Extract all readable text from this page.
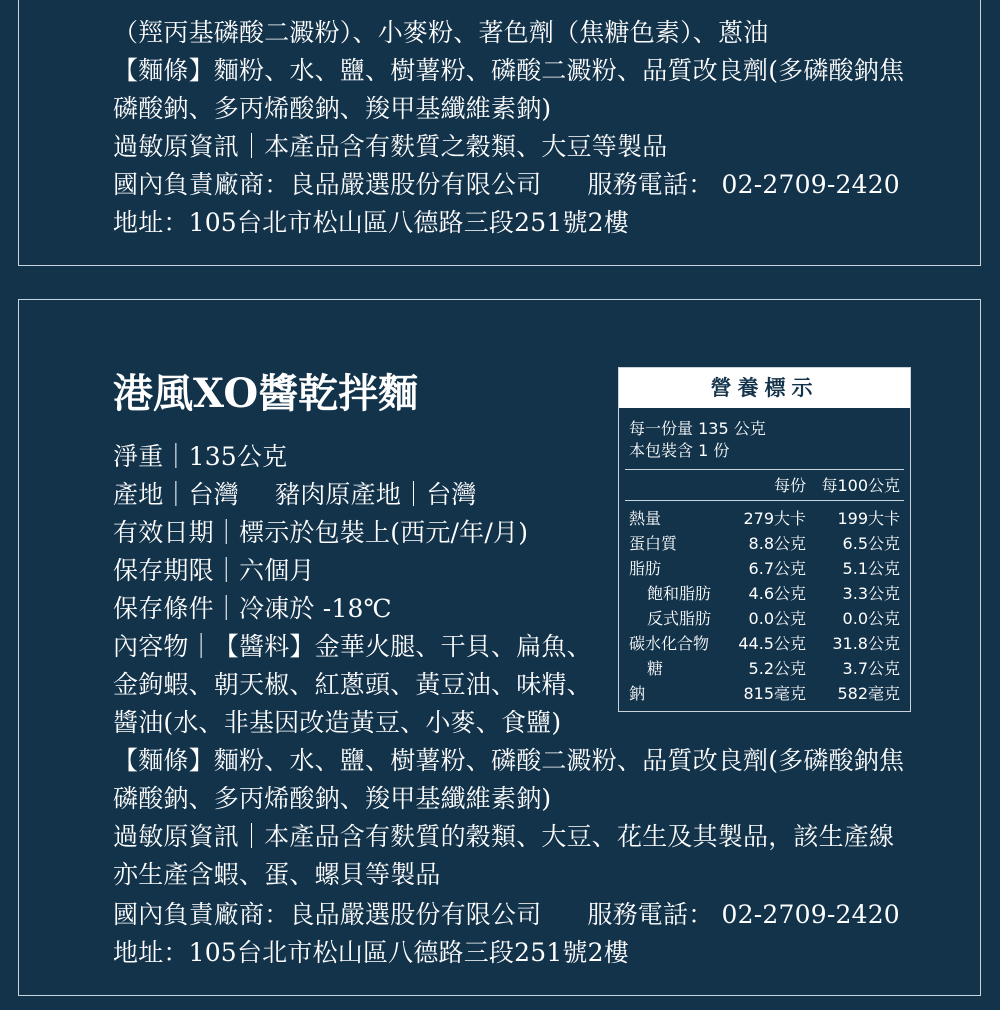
（羥丙基磷酸二澱粉）、小麥粉、著色劑（焦糖色素）、蔥油
【麵條】麵粉、水、鹽、樹薯粉、磷酸二澱粉、品質改良劑(多磷酸鈉焦
磷酸鈉、多丙烯酸鈉、羧甲基纖維素鈉)
過敏原資訊｜本產品含有麩質之穀類、大豆等製品
國內負責廠商：良品嚴選股份有限公司 服務電話： 02-2709-2420
地址：105台北市松山區八德路三段251號2樓
港風XO醬乾拌麵
淨重｜135公克
產地｜台灣 豬肉原產地｜台灣
有效日期｜標示於包裝上(西元/年/月)
保存期限｜六個月
保存條件｜冷凍於 -18℃
內容物｜【醬料】金華火腿、干貝、扁魚、
金鉤蝦、朝天椒、紅蔥頭、黃豆油、味精、
醬油(水、非基因改造黃豆、小麥、食鹽)
【麵條】麵粉、水、鹽、樹薯粉、磷酸二澱粉、品質改良劑(多磷酸鈉焦
磷酸鈉、多丙烯酸鈉、羧甲基纖維素鈉)
過敏原資訊｜本產品含有麩質的穀類、大豆、花生及其製品，該生產線
亦生產含蝦、蛋、螺貝等製品
國內負責廠商：良品嚴選股份有限公司 服務電話： 02-2709-2420
地址：105台北市松山區八德路三段251號2樓
營養標示
每一份量 135 公克
本包裝含 1 份
每份 每100公克
熱量	279大卡 199大卡
蛋白質	8.8公克 6.5公克
脂肪	6.7公克 5.1公克
飽和脂肪 4.6公克 3.3公克
反式脂肪 0.0公克 0.0公克
碳水化合物 44.5公克 31.8公克
糖	5.2公克 3.7公克
鈉	815毫克 582毫克
